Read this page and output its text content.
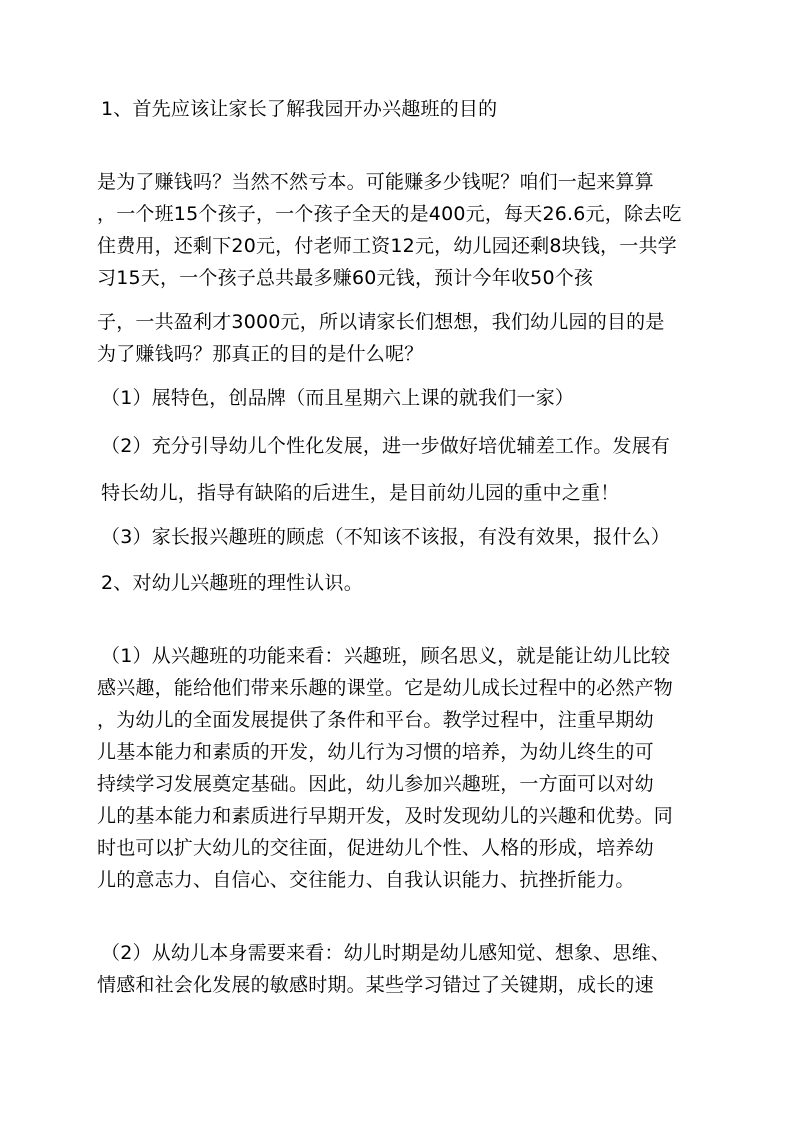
1、首先应该让家长了解我园开办兴趣班的目的
是为了赚钱吗？当然不然亏本。可能赚多少钱呢？咱们一起来算算
，一个班15个孩子，一个孩子全天的是400元，每天26.6元，除去吃
住费用，还剩下20元，付老师工资12元，幼儿园还剩8块钱，一共学
习15天，一个孩子总共最多赚60元钱，预计今年收50个孩
子，一共盈利才3000元，所以请家长们想想，我们幼儿园的目的是
为了赚钱吗？那真正的目的是什么呢？
（1）展特色，创品牌（而且星期六上课的就我们一家）
（2）充分引导幼儿个性化发展，进一步做好培优辅差工作。发展有
特长幼儿，指导有缺陷的后进生，是目前幼儿园的重中之重！
（3）家长报兴趣班的顾虑（不知该不该报，有没有效果，报什么）
2、对幼儿兴趣班的理性认识。
（1）从兴趣班的功能来看：兴趣班，顾名思义，就是能让幼儿比较
感兴趣，能给他们带来乐趣的课堂。它是幼儿成长过程中的必然产物
，为幼儿的全面发展提供了条件和平台。教学过程中，注重早期幼
儿基本能力和素质的开发，幼儿行为习惯的培养，为幼儿终生的可
持续学习发展奠定基础。因此，幼儿参加兴趣班，一方面可以对幼
儿的基本能力和素质进行早期开发，及时发现幼儿的兴趣和优势。同
时也可以扩大幼儿的交往面，促进幼儿个性、人格的形成，培养幼
儿的意志力、自信心、交往能力、自我认识能力、抗挫折能力。
（2）从幼儿本身需要来看：幼儿时期是幼儿感知觉、想象、思维、
情感和社会化发展的敏感时期。某些学习错过了关键期，成长的速
